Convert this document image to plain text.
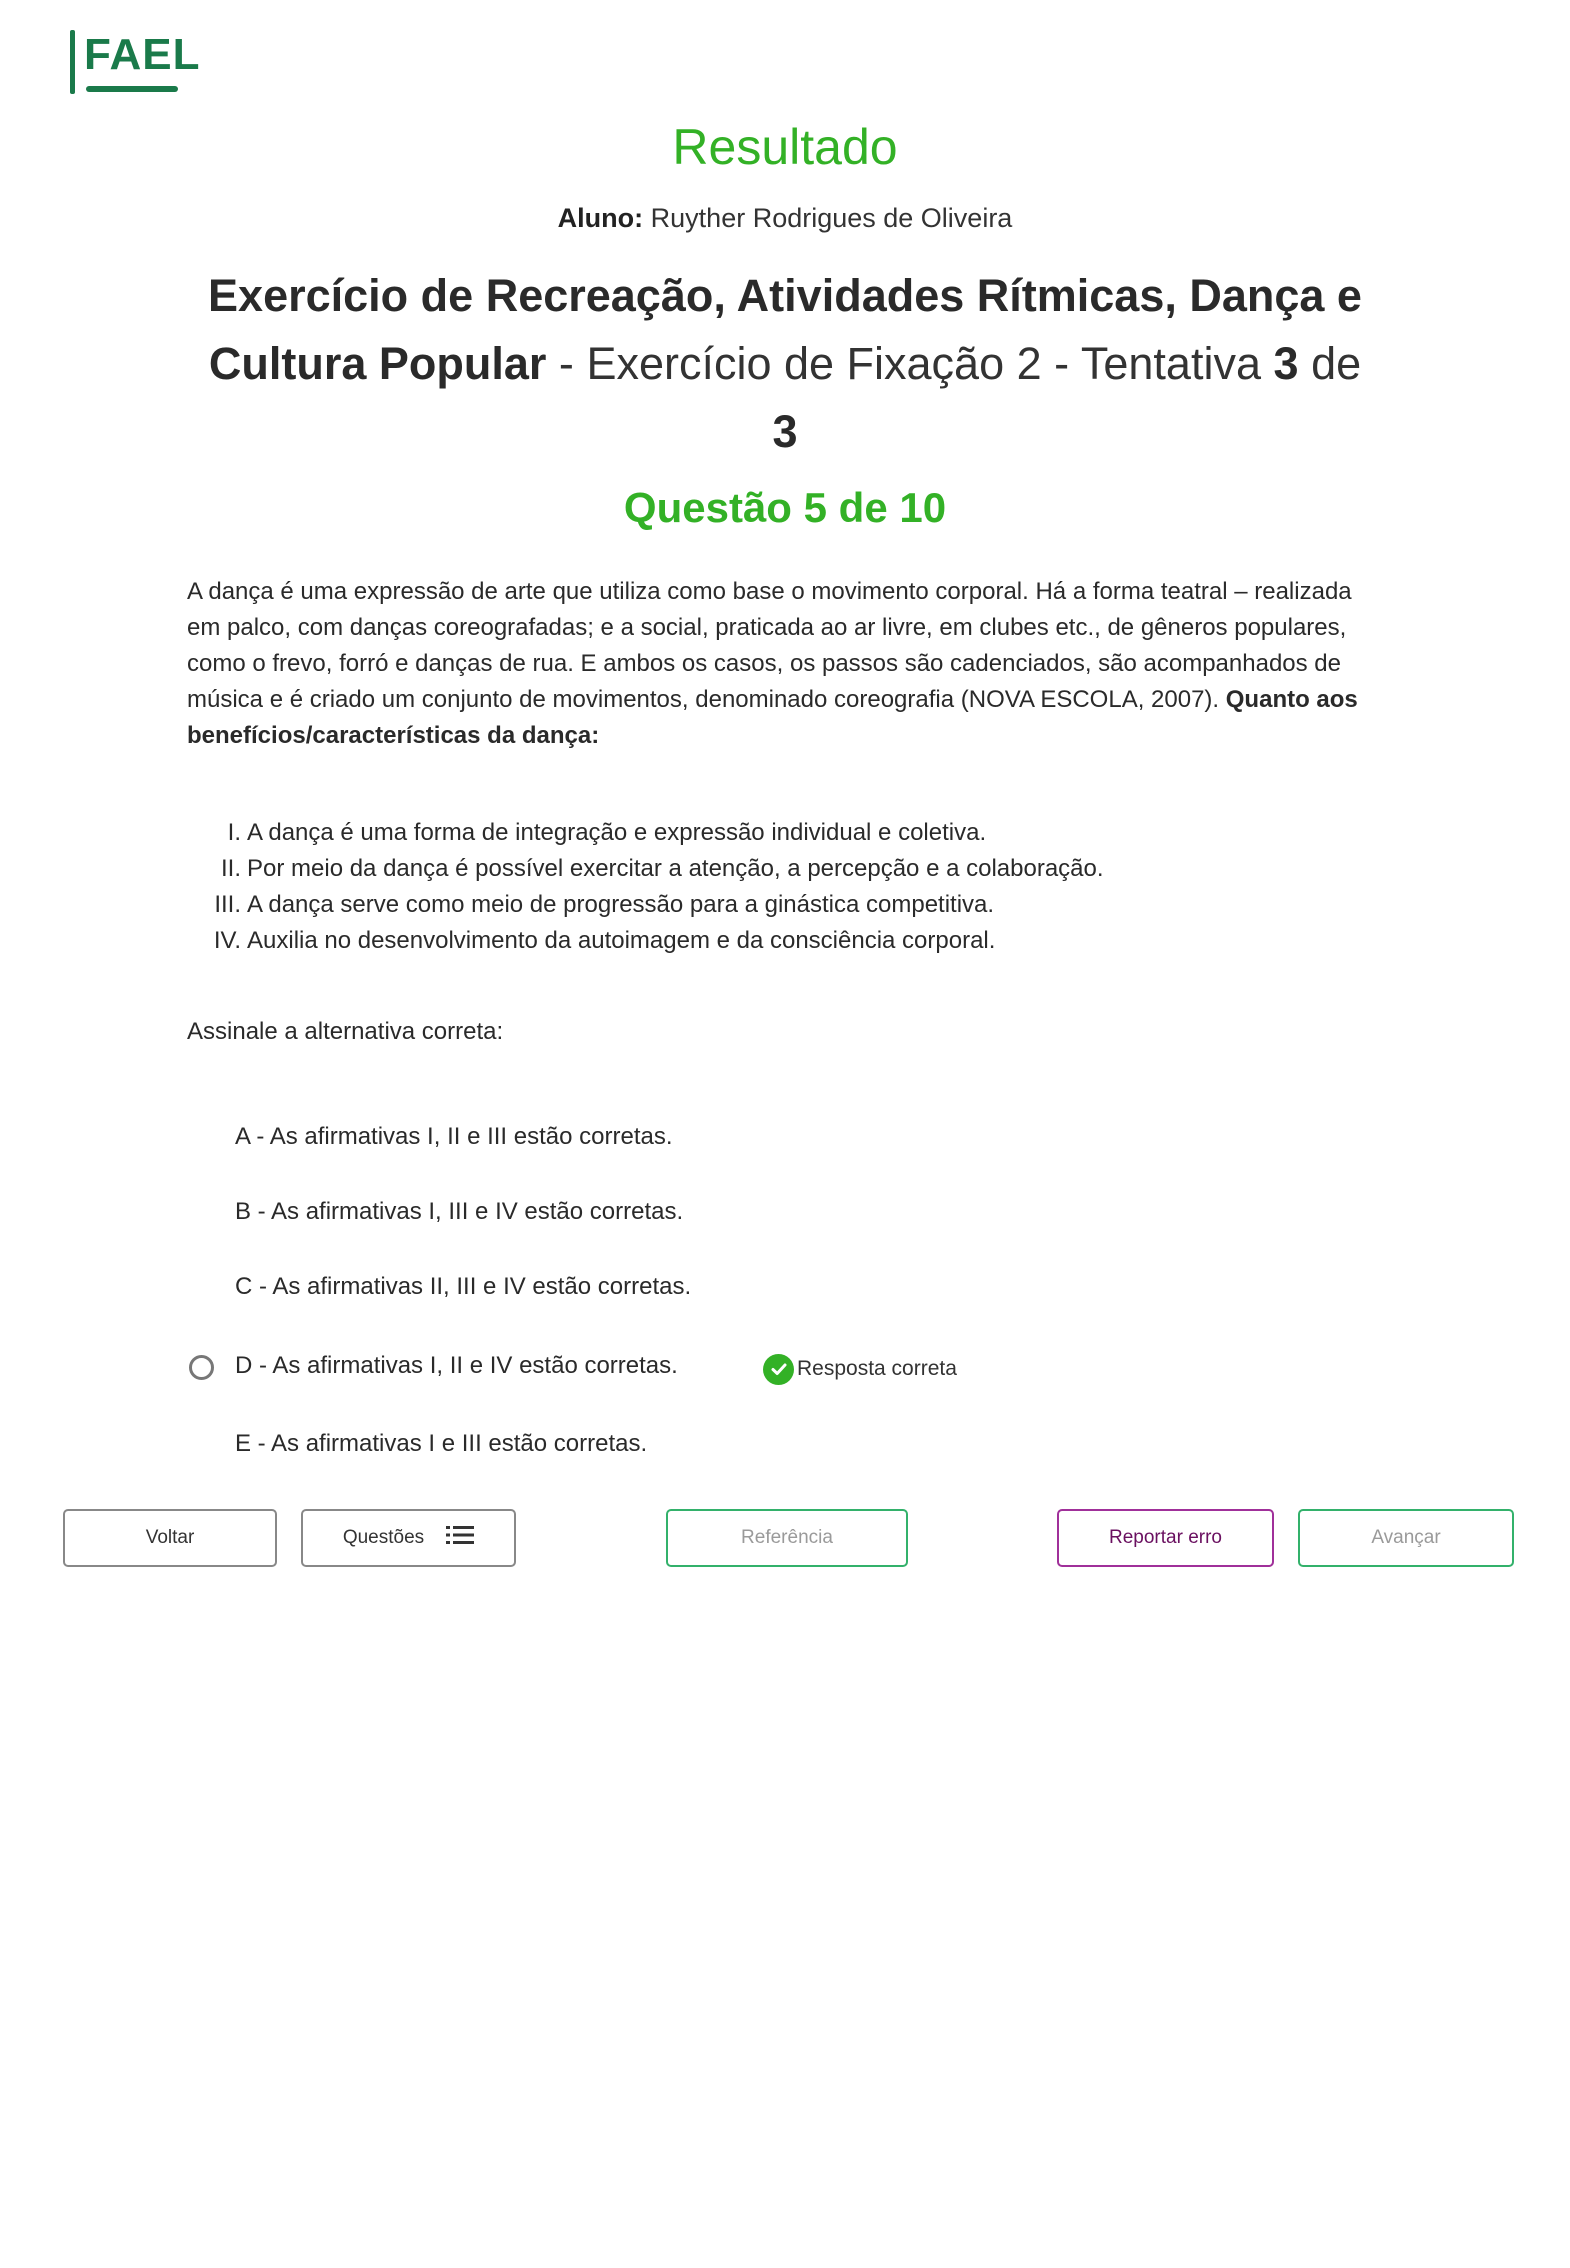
FAEL
Resultado
Aluno: Ruyther Rodrigues de Oliveira
Exercício de Recreação, Atividades Rítmicas, Dança e Cultura Popular - Exercício de Fixação 2 - Tentativa 3 de
3
Questão 5 de 10
A dança é uma expressão de arte que utiliza como base o movimento corporal. Há a forma teatral – realizada em palco, com danças coreografadas; e a social, praticada ao ar livre, em clubes etc., de gêneros populares, como o frevo, forró e danças de rua. E ambos os casos, os passos são cadenciados, são acompanhados de música e é criado um conjunto de movimentos, denominado coreografia (NOVA ESCOLA, 2007). Quanto aos benefícios/características da dança:
I. A dança é uma forma de integração e expressão individual e coletiva.
II. Por meio da dança é possível exercitar a atenção, a percepção e a colaboração.
III. A dança serve como meio de progressão para a ginástica competitiva.
IV. Auxilia no desenvolvimento da autoimagem e da consciência corporal.
Assinale a alternativa correta:
A - As afirmativas I, II e III estão corretas.
B - As afirmativas I, III e IV estão corretas.
C - As afirmativas II, III e IV estão corretas.
D - As afirmativas I, II e IV estão corretas.	Resposta correta
E - As afirmativas I e III estão corretas.
Voltar	Questões	Referência	Reportar erro	Avançar
